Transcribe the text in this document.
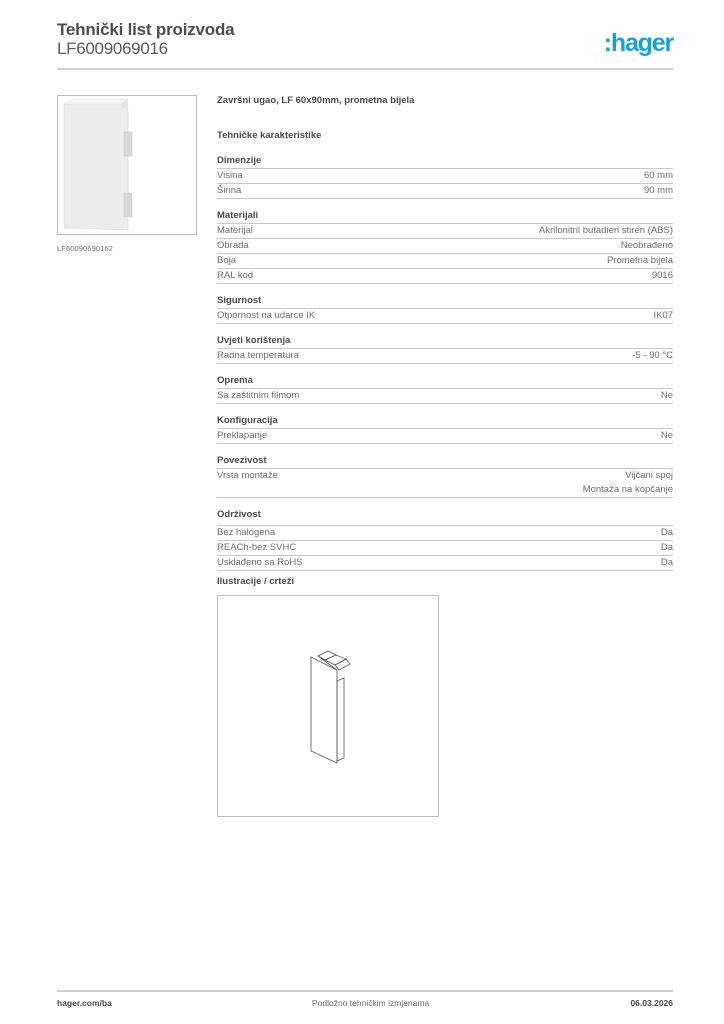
Tehnički list proizvoda
LF6009069016	:hager
LF60090690162
Završni ugao, LF 60x90mm, prometna bijela
Tehničke karakteristike
Dimenzije
Visina	60 mm
Širina	90 mm
Materijali
Materijal	Akrilonitril butadien stiren (ABS)
Obrada	Neobrađeno
Boja	Prometna bijela
RAL kod	9016
Sigurnost
Otpornost na udarce IK	IK07
Uvjeti korištenja
Radna temperatura	-5 - 90 °C
Oprema
Sa zaštitnim filmom	Ne
Konfiguracija
Preklapanje	Ne
Povezivost
Vrsta montaže	Vijčani spoj
Montaža na kopčanje
Održivost
Bez halogena	Da
REACh-bez SVHC	Da
Usklađeno sa RoHS	Da
Ilustracije / crteži
hager.com/ba	Podložno tehničkim izmjenama	06.03.2026
